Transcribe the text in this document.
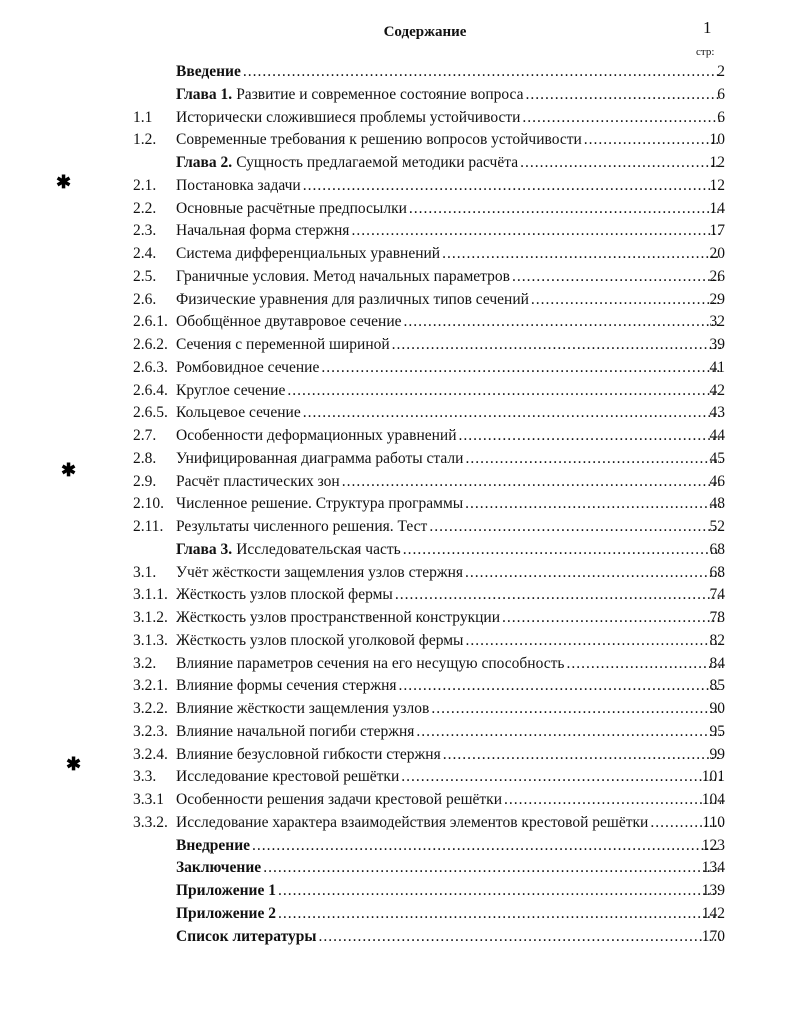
1
Содержание
стр:
✱
✱
✱
Введение .....	2
Глава 1. Развитие и современное состояние вопроса .....	6
1.1 Исторически сложившиеся проблемы устойчивости .....	6
1.2. Современные требования к решению вопросов устойчивости .....	10
Глава 2. Сущность предлагаемой методики расчёта .....	12
2.1. Постановка задачи .....	12
2.2. Основные расчётные предпосылки .....	14
2.3. Начальная форма стержня .....	17
2.4. Система дифференциальных уравнений .....	20
2.5. Граничные условия. Метод начальных параметров .....	26
2.6. Физические уравнения для различных типов сечений .....	29
2.6.1. Обобщённое двутавровое сечение .....	32
2.6.2. Сечения с переменной шириной .....	39
2.6.3. Ромбовидное сечение .....	41
2.6.4. Круглое сечение .....	42
2.6.5. Кольцевое сечение .....	43
2.7. Особенности деформационных уравнений .....	44
2.8. Унифицированная диаграмма работы стали .....	45
2.9. Расчёт пластических зон .....	46
2.10. Численное решение. Структура программы .....	48
2.11. Результаты численного решения. Тест .....	52
Глава 3. Исследовательская часть .....	68
3.1. Учёт жёсткости защемления узлов стержня .....	68
3.1.1. Жёсткость узлов плоской фермы .....	74
3.1.2. Жёсткость узлов пространственной конструкции .....	78
3.1.3. Жёсткость узлов плоской уголковой фермы .....	82
3.2. Влияние параметров сечения на его несущую способность .....	84
3.2.1. Влияние формы сечения стержня .....	85
3.2.2. Влияние жёсткости защемления узлов .....	90
3.2.3. Влияние начальной погиби стержня .....	95
3.2.4. Влияние безусловной гибкости стержня .....	99
3.3. Исследование крестовой решётки .....	101
3.3.1 Особенности решения задачи крестовой решётки .....	104
3.3.2. Исследование характера взаимодействия элементов крестовой решётки .....	110
Внедрение .....	123
Заключение .....	134
Приложение 1 .....	139
Приложение 2 .....	142
Список литературы .....	170
